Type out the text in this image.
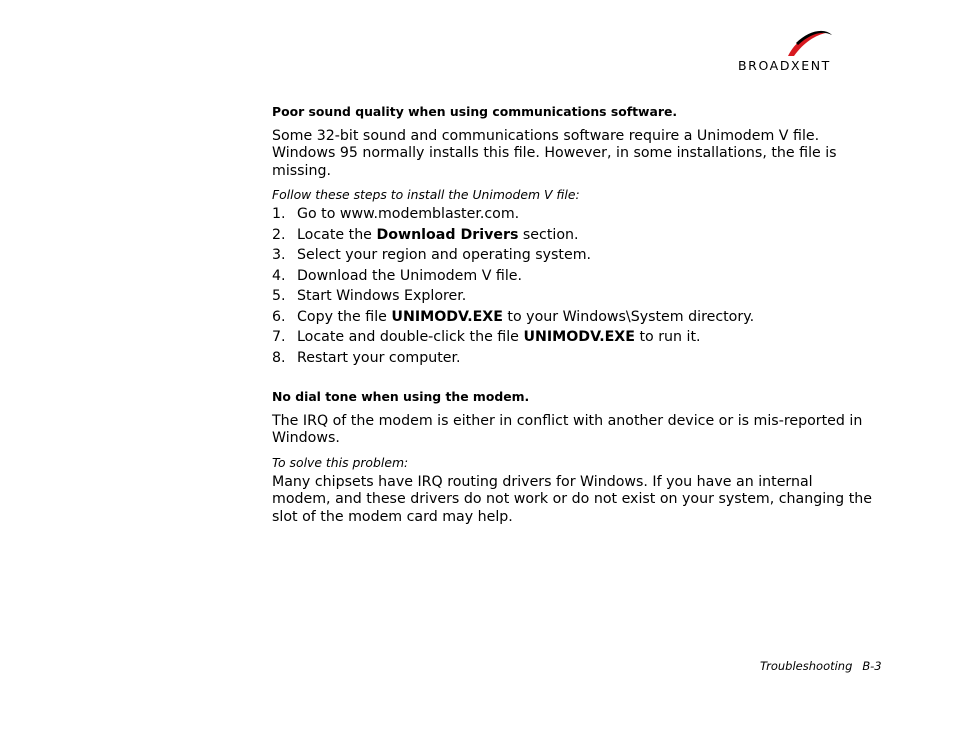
BROADXENT
Poor sound quality when using communications software.
Some 32-bit sound and communications software require a Unimodem V file.
Windows 95 normally installs this file. However, in some installations, the file is
missing.
Follow these steps to install the Unimodem V file:
1. Go to www.modemblaster.com.
2. Locate the Download Drivers section.
3. Select your region and operating system.
4. Download the Unimodem V file.
5. Start Windows Explorer.
6. Copy the file UNIMODV.EXE to your Windows\System directory.
7. Locate and double-click the file UNIMODV.EXE to run it.
8. Restart your computer.
No dial tone when using the modem.
The IRQ of the modem is either in conflict with another device or is mis-reported in
Windows.
To solve this problem:
Many chipsets have IRQ routing drivers for Windows. If you have an internal
modem, and these drivers do not work or do not exist on your system, changing the
slot of the modem card may help.
Troubleshooting B-3
